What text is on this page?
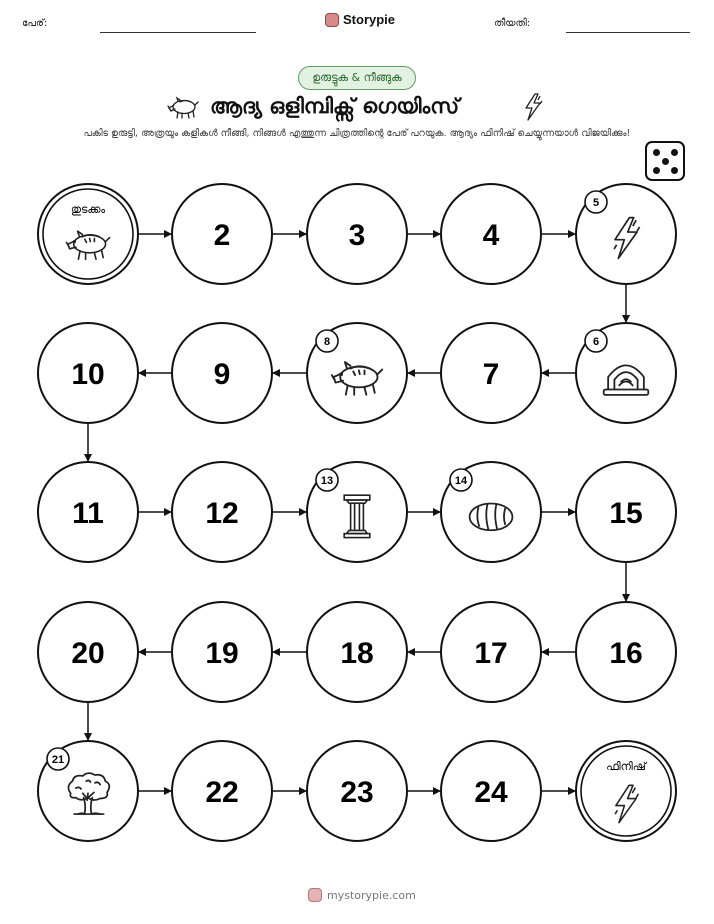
പേര്:	Storypie	തീയതി:
ഉരുട്ടുക & നീങ്ങുക
ആദ്യ ഒളിമ്പിക്സ് ഗെയിംസ്
പകിട ഉരുട്ടി, അത്രയും കളികൾ നീങ്ങി, നിങ്ങൾ എത്തുന്ന ചിത്രത്തിന്റെ പേര് പറയുക. ആദ്യം ഫിനിഷ് ചെയ്യുന്നയാൾ വിജയിക്കും!
തുടക്കം
2	3	4
5
6
7
8
9
10
11	12
13	14
15
16
17
18
19
20
21
22	23	24
ഫിനിഷ്
mystorypie.com
